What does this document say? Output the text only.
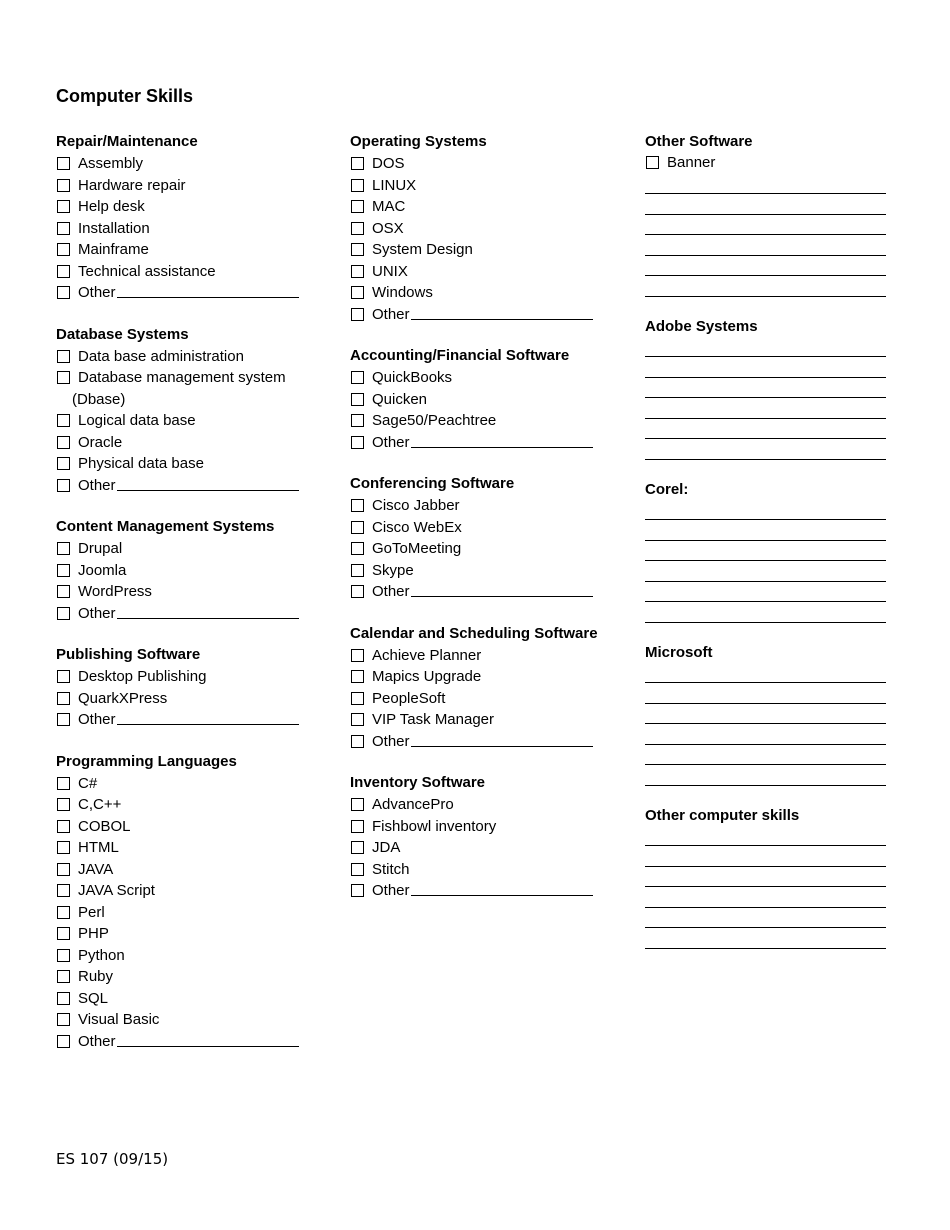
Computer Skills
Repair/Maintenance
Assembly
Hardware repair
Help desk
Installation
Mainframe
Technical assistance
Other
Database Systems
Data base administration
Database management system
(Dbase)
Logical data base
Oracle
Physical data base
Other
Content Management Systems
Drupal
Joomla
WordPress
Other
Publishing Software
Desktop Publishing
QuarkXPress
Other
Programming Languages
C#
C,C++
COBOL
HTML
JAVA
JAVA Script
Perl
PHP
Python
Ruby
SQL
Visual Basic
Other
Operating Systems
DOS
LINUX
MAC
OSX
System Design
UNIX
Windows
Other
Accounting/Financial Software
QuickBooks
Quicken
Sage50/Peachtree
Other
Conferencing Software
Cisco Jabber
Cisco WebEx
GoToMeeting
Skype
Other
Calendar and Scheduling Software
Achieve Planner
Mapics Upgrade
PeopleSoft
VIP Task Manager
Other
Inventory Software
AdvancePro
Fishbowl inventory
JDA
Stitch
Other
Other Software
Banner
Adobe Systems
Corel:
Microsoft
Other computer skills
ES 107 (09/15)
